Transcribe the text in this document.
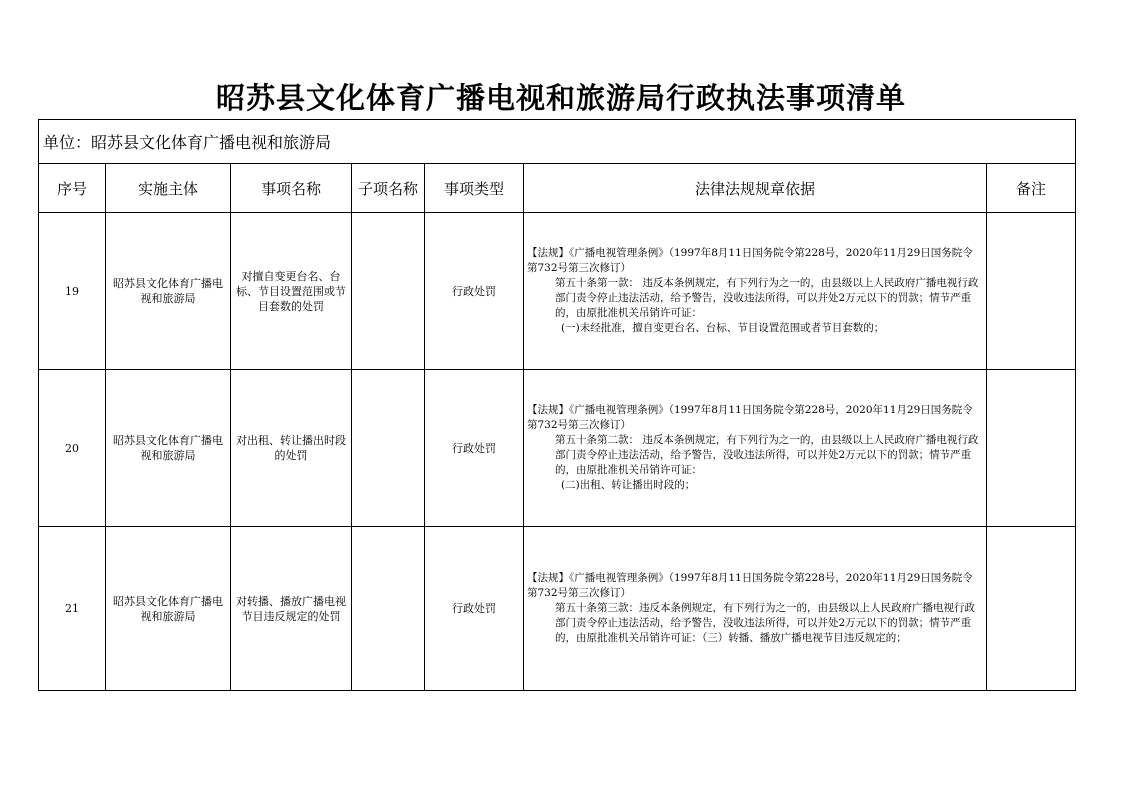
昭苏县文化体育广播电视和旅游局行政执法事项清单
单位：昭苏县文化体育广播电视和旅游局						
序号	实施主体	事项名称	子项名称	事项类型	法律法规规章依据	备注
19	昭苏县文化体育广播电视和旅游局	对擅自变更台名、台标、节目设置范围或节目套数的处罚		行政处罚	【法规】《广播电视管理条例》（1997年8月11日国务院令第228号，2020年11月29日国务院令第732号第三次修订）
第五十条第一款： 违反本条例规定，有下列行为之一的，由县级以上人民政府广播电视行政部门责令停止违法活动，给予警告，没收违法所得，可以并处2万元以下的罚款；情节严重的，由原批准机关吊销许可证：
(一)未经批准，擅自变更台名、台标、节目设置范围或者节目套数的；	

20	昭苏县文化体育广播电视和旅游局	对出租、转让播出时段的处罚		行政处罚	【法规】《广播电视管理条例》（1997年8月11日国务院令第228号，2020年11月29日国务院令第732号第三次修订）
第五十条第二款： 违反本条例规定，有下列行为之一的，由县级以上人民政府广播电视行政部门责令停止违法活动，给予警告，没收违法所得，可以并处2万元以下的罚款；情节严重的，由原批准机关吊销许可证：
(二)出租、转让播出时段的；	

21	昭苏县文化体育广播电视和旅游局	对转播、播放广播电视节目违反规定的处罚		行政处罚	【法规】《广播电视管理条例》（1997年8月11日国务院令第228号，2020年11月29日国务院令第732号第三次修订）
第五十条第三款：违反本条例规定，有下列行为之一的，由县级以上人民政府广播电视行政部门责令停止违法活动，给予警告，没收违法所得，可以并处2万元以下的罚款；情节严重的，由原批准机关吊销许可证：（三）转播、播放广播电视节目违反规定的；	
